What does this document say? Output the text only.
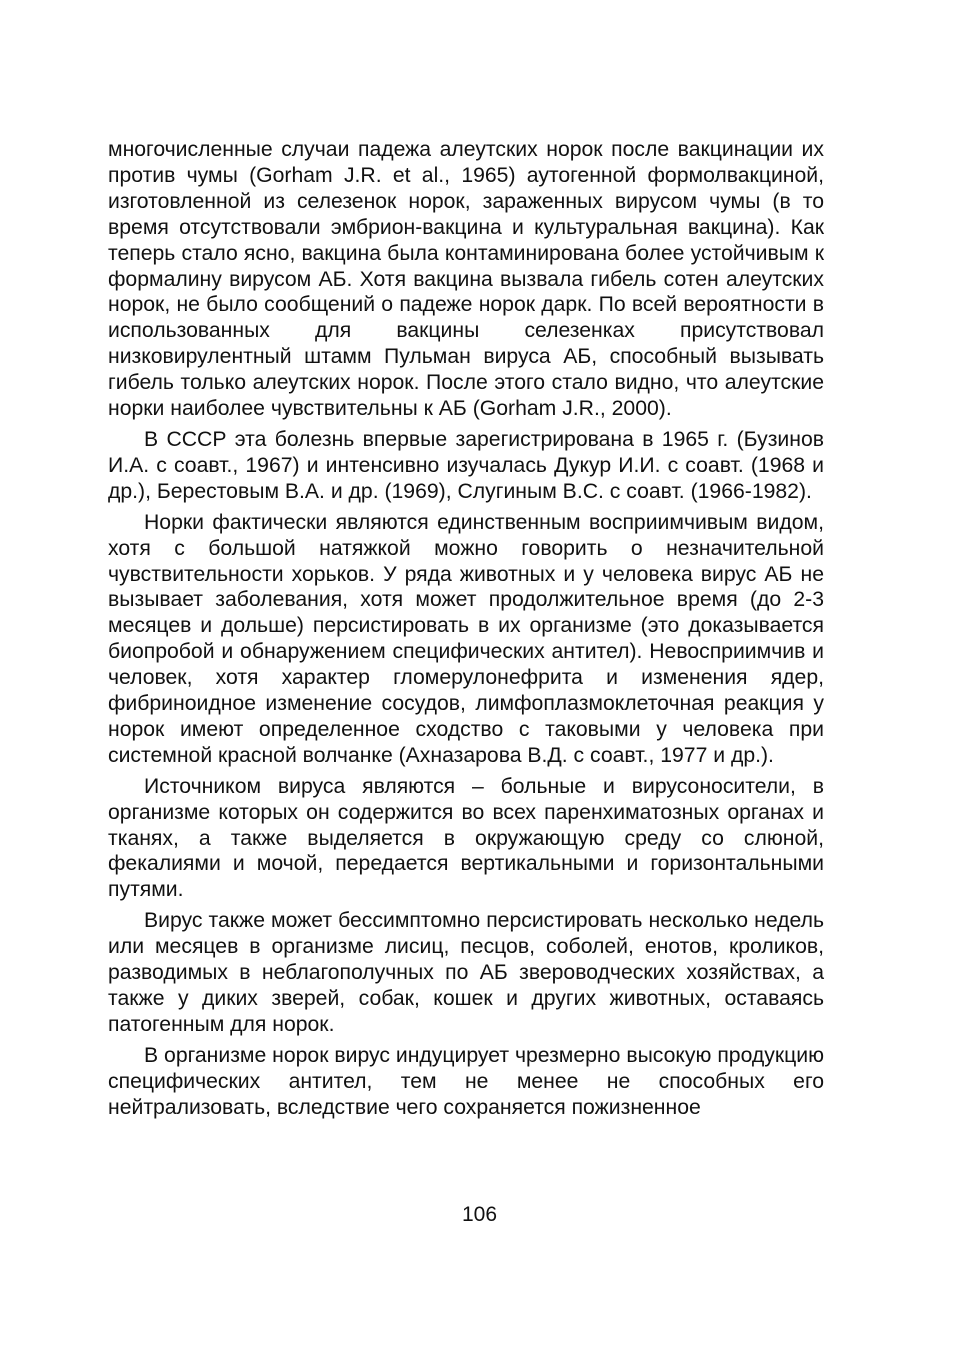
многочисленные случаи падежа алеутских норок после вакцинации их против чумы (Gorham J.R. et al., 1965) аутогенной формолвакциной, изготовленной из селезенок норок, зараженных вирусом чумы (в то время отсутствовали эмбрион-вакцина и культуральная вакцина). Как теперь стало ясно, вакцина была контаминирована более устойчивым к формалину вирусом АБ. Хотя вакцина вызвала гибель сотен алеутских норок, не было сообщений о падеже норок дарк. По всей вероятности в использованных для вакцины селезенках присутствовал низковирулентный штамм Пульман вируса АБ, способный вызывать гибель только алеутских норок. После этого стало видно, что алеутские норки наиболее чувствительны к АБ (Gorham J.R., 2000).

В СССР эта болезнь впервые зарегистрирована в 1965 г. (Бузинов И.А. с соавт., 1967) и интенсивно изучалась Дукур И.И. с соавт. (1968 и др.), Берестовым В.А. и др. (1969), Слугиным В.С. с соавт. (1966-1982).

Норки фактически являются единственным восприимчивым видом, хотя с большой натяжкой можно говорить о незначительной чувствительности хорьков. У ряда животных и у человека вирус АБ не вызывает заболевания, хотя может продолжительное время (до 2-3 месяцев и дольше) персистировать в их организме (это доказывается биопробой и обнаружением специфических антител). Невосприимчив и человек, хотя характер гломерулонефрита и изменения ядер, фибриноидное изменение сосудов, лимфоплазмоклеточная реакция у норок имеют определенное сходство с таковыми у человека при системной красной волчанке (Ахназарова В.Д. с соавт., 1977 и др.).

Источником вируса являются – больные и вирусоносители, в организме которых он содержится во всех паренхиматозных органах и тканях, а также выделяется в окружающую среду со слюной, фекалиями и мочой, передается вертикальными и горизонтальными путями.

Вирус также может бессимптомно персистировать несколько недель или месяцев в организме лисиц, песцов, соболей, енотов, кроликов, разводимых в неблагополучных по АБ звероводческих хозяйствах, а также у диких зверей, собак, кошек и других животных, оставаясь патогенным для норок.

В организме норок вирус индуцирует чрезмерно высокую продукцию специфических антител, тем не менее не способных его нейтрализовать, вследствие чего сохраняется пожизненное

106
